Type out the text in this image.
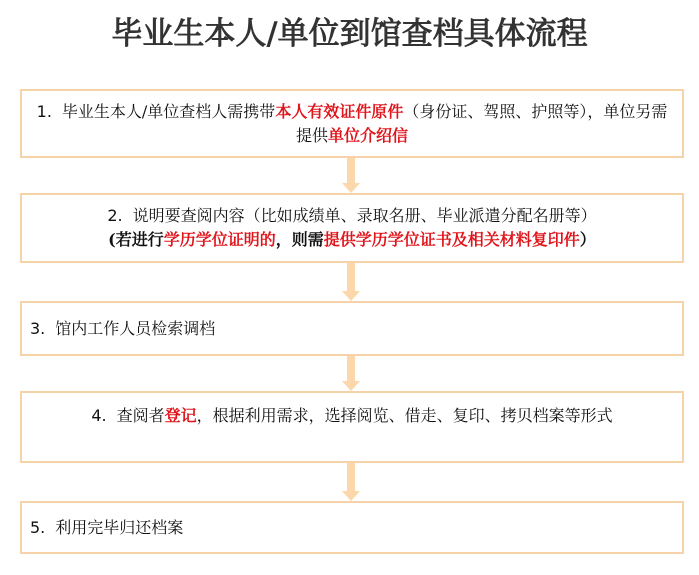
毕业生本人/单位到馆查档具体流程
1. 毕业生本人/单位查档人需携带本人有效证件原件（身份证、驾照、护照等），单位另需提供单位介绍信
2. 说明要查阅内容（比如成绩单、录取名册、毕业派遣分配名册等）
(若进行学历学位证明的，则需提供学历学位证书及相关材料复印件）
3. 馆内工作人员检索调档
4. 查阅者登记，根据利用需求，选择阅览、借走、复印、拷贝档案等形式
5. 利用完毕归还档案
